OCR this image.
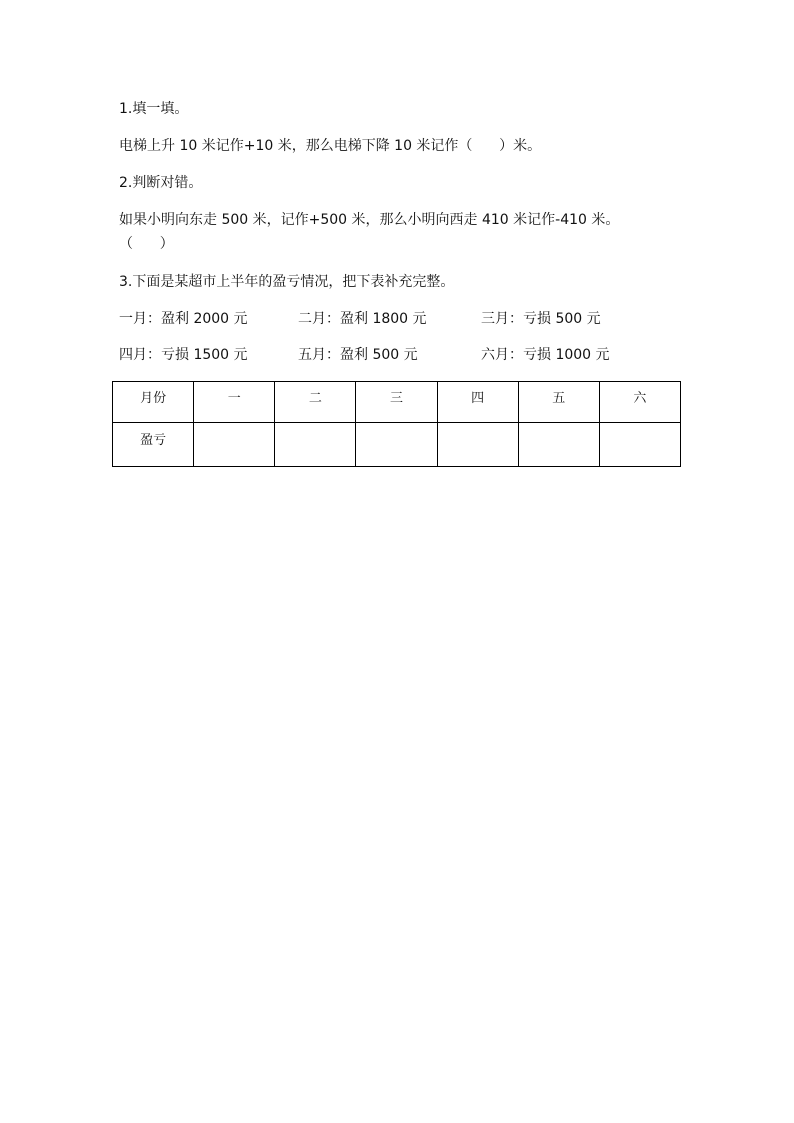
1.填一填。
电梯上升 10 米记作+10 米，那么电梯下降 10 米记作（      ）米。
2.判断对错。
如果小明向东走 500 米，记作+500 米，那么小明向西走 410 米记作-410 米。
（      ）
3.下面是某超市上半年的盈亏情况，把下表补充完整。
一月：盈利 2000 元	二月：盈利 1800 元	三月：亏损 500 元
四月：亏损 1500 元	五月：盈利 500 元	六月：亏损 1000 元
月份	一	二	三	四	五	六
盈亏						
